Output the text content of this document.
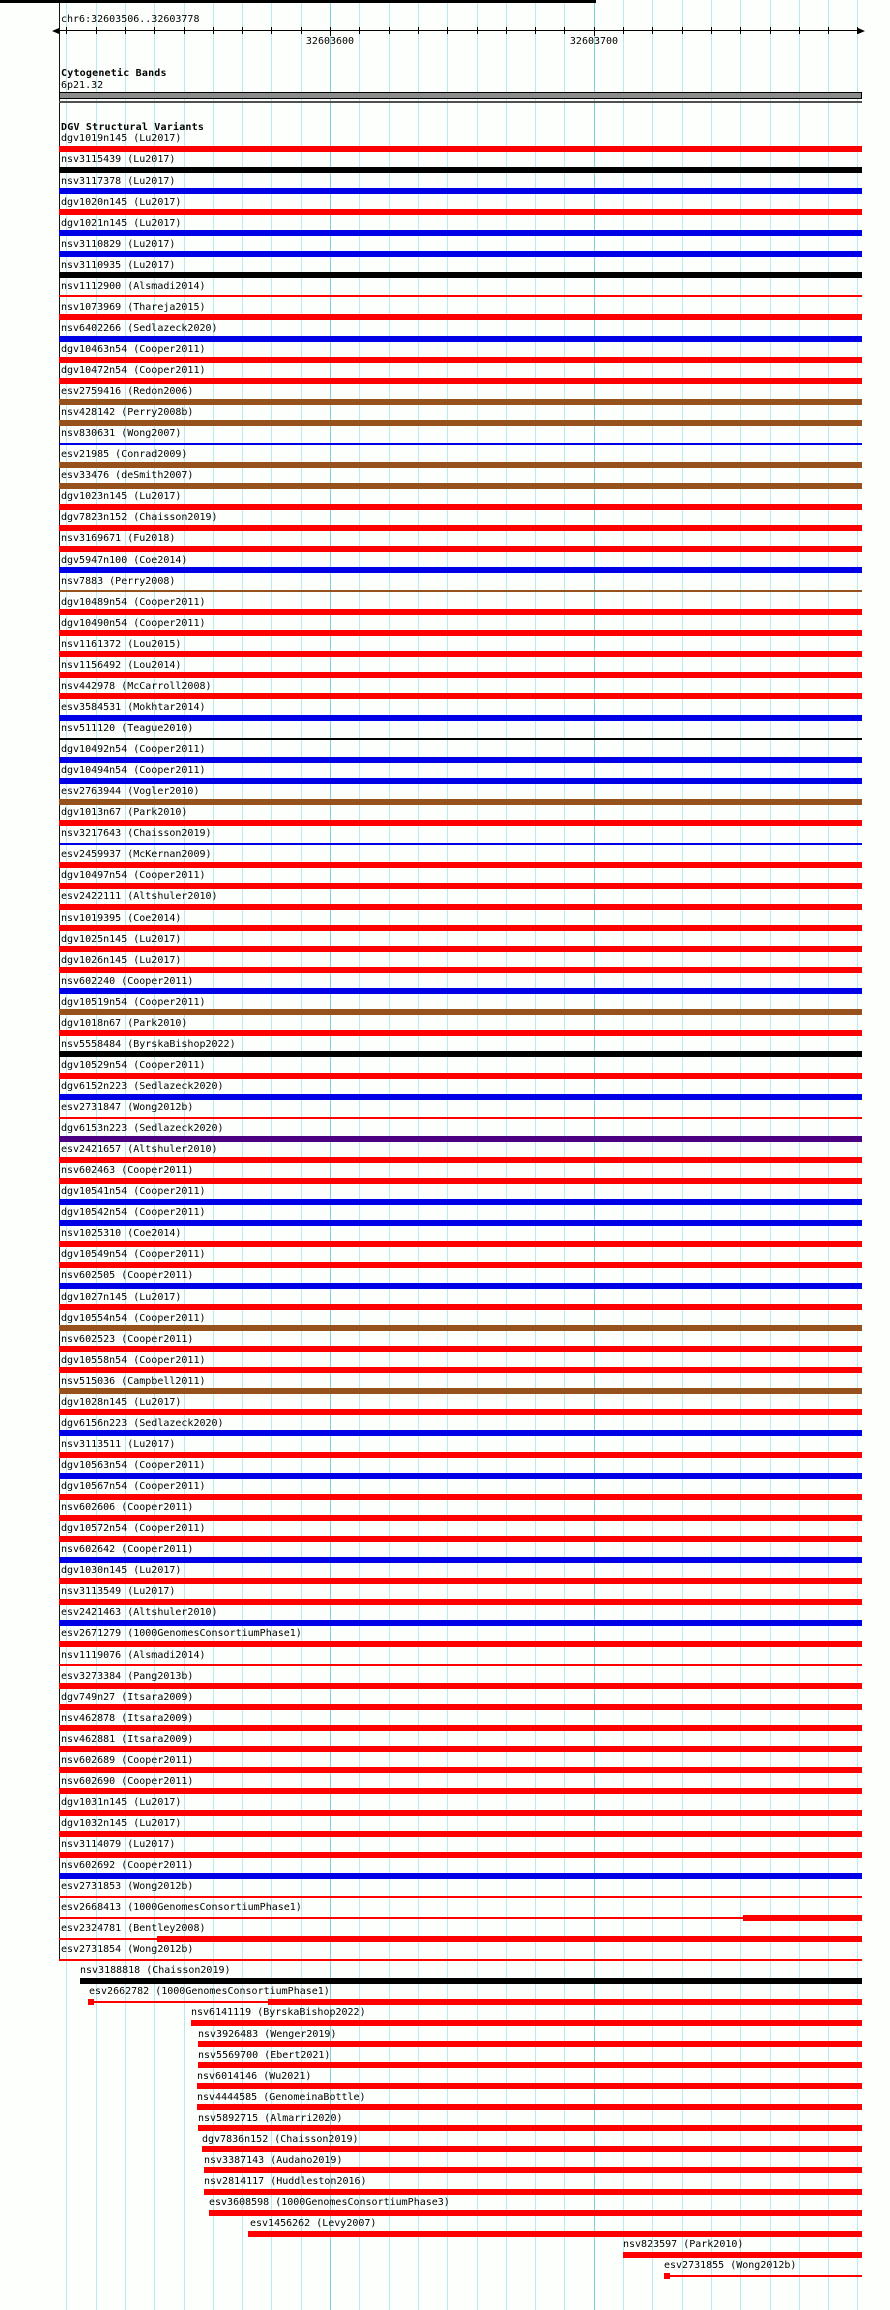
chr6:32603506..32603778
32603600	32603700
Cytogenetic Bands
6p21.32
DGV Structural Variants
dgv1019n145 (Lu2017)
nsv3115439 (Lu2017)
nsv3117378 (Lu2017)
dgv1020n145 (Lu2017)
dgv1021n145 (Lu2017)
nsv3110829 (Lu2017)
nsv3110935 (Lu2017)
nsv1112900 (Alsmadi2014)
nsv1073969 (Thareja2015)
nsv6402266 (Sedlazeck2020)
dgv10463n54 (Cooper2011)
dgv10472n54 (Cooper2011)
esv2759416 (Redon2006)
nsv428142 (Perry2008b)
nsv830631 (Wong2007)
esv21985 (Conrad2009)
esv33476 (deSmith2007)
dgv1023n145 (Lu2017)
dgv7823n152 (Chaisson2019)
nsv3169671 (Fu2018)
dgv5947n100 (Coe2014)
nsv7883 (Perry2008)
dgv10489n54 (Cooper2011)
dgv10490n54 (Cooper2011)
nsv1161372 (Lou2015)
nsv1156492 (Lou2014)
nsv442978 (McCarroll2008)
esv3584531 (Mokhtar2014)
nsv511120 (Teague2010)
dgv10492n54 (Cooper2011)
dgv10494n54 (Cooper2011)
esv2763944 (Vogler2010)
dgv1013n67 (Park2010)
nsv3217643 (Chaisson2019)
esv2459937 (McKernan2009)
dgv10497n54 (Cooper2011)
esv2422111 (Altshuler2010)
nsv1019395 (Coe2014)
dgv1025n145 (Lu2017)
dgv1026n145 (Lu2017)
nsv602240 (Cooper2011)
dgv10519n54 (Cooper2011)
dgv1018n67 (Park2010)
nsv5558484 (ByrskaBishop2022)
dgv10529n54 (Cooper2011)
dgv6152n223 (Sedlazeck2020)
esv2731847 (Wong2012b)
dgv6153n223 (Sedlazeck2020)
esv2421657 (Altshuler2010)
nsv602463 (Cooper2011)
dgv10541n54 (Cooper2011)
dgv10542n54 (Cooper2011)
nsv1025310 (Coe2014)
dgv10549n54 (Cooper2011)
nsv602505 (Cooper2011)
dgv1027n145 (Lu2017)
dgv10554n54 (Cooper2011)
nsv602523 (Cooper2011)
dgv10558n54 (Cooper2011)
nsv515036 (Campbell2011)
dgv1028n145 (Lu2017)
dgv6156n223 (Sedlazeck2020)
nsv3113511 (Lu2017)
dgv10563n54 (Cooper2011)
dgv10567n54 (Cooper2011)
nsv602606 (Cooper2011)
dgv10572n54 (Cooper2011)
nsv602642 (Cooper2011)
dgv1030n145 (Lu2017)
nsv3113549 (Lu2017)
esv2421463 (Altshuler2010)
esv2671279 (1000GenomesConsortiumPhase1)
nsv1119076 (Alsmadi2014)
esv3273384 (Pang2013b)
dgv749n27 (Itsara2009)
nsv462878 (Itsara2009)
nsv462881 (Itsara2009)
nsv602689 (Cooper2011)
nsv602690 (Cooper2011)
dgv1031n145 (Lu2017)
dgv1032n145 (Lu2017)
nsv3114079 (Lu2017)
nsv602692 (Cooper2011)
esv2731853 (Wong2012b)
esv2668413 (1000GenomesConsortiumPhase1)
esv2324781 (Bentley2008)
esv2731854 (Wong2012b)
nsv3188818 (Chaisson2019)
esv2662782 (1000GenomesConsortiumPhase1)
nsv6141119 (ByrskaBishop2022)
nsv3926483 (Wenger2019)
nsv5569700 (Ebert2021)
nsv6014146 (Wu2021)
nsv4444585 (GenomeinaBottle)
nsv5892715 (Almarri2020)
dgv7836n152 (Chaisson2019)
nsv3387143 (Audano2019)
nsv2814117 (Huddleston2016)
esv3608598 (1000GenomesConsortiumPhase3)
esv1456262 (Levy2007)
nsv823597 (Park2010)
esv2731855 (Wong2012b)
